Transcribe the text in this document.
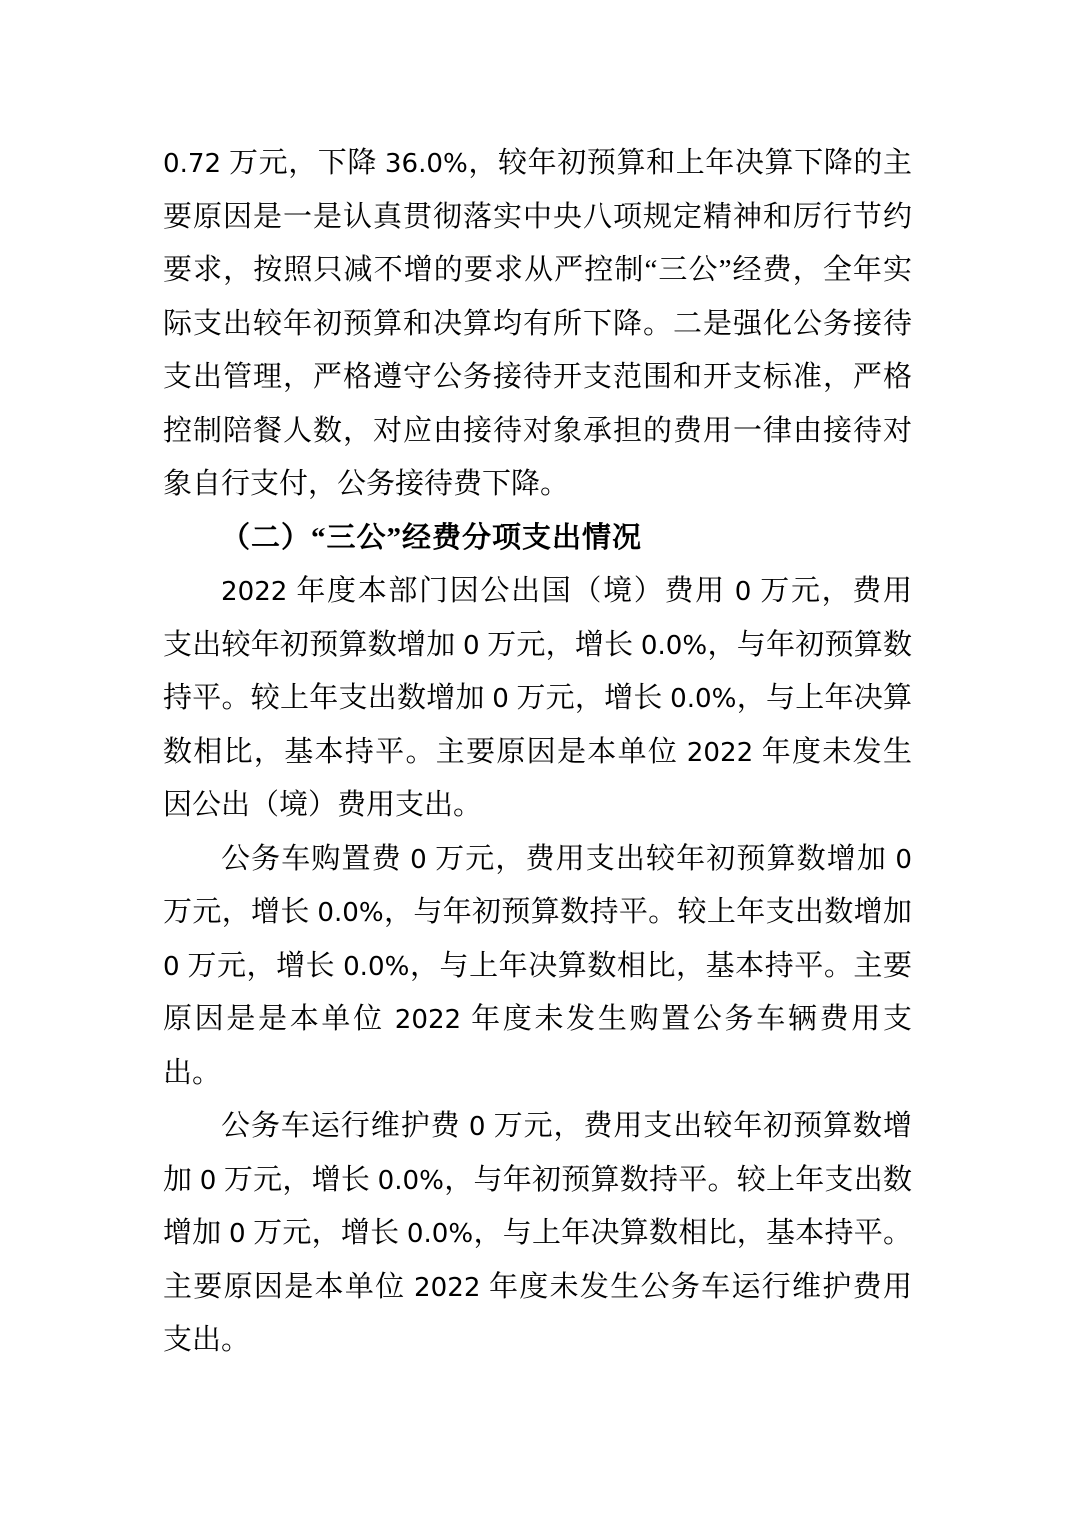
0.72 万元，下降 36.0%，较年初预算和上年决算下降的主
要原因是一是认真贯彻落实中央八项规定精神和厉行节约
要求，按照只减不增的要求从严控制“三公”经费，全年实
际支出较年初预算和决算均有所下降。二是强化公务接待
支出管理，严格遵守公务接待开支范围和开支标准，严格
控制陪餐人数，对应由接待对象承担的费用一律由接待对
象自行支付，公务接待费下降。
（二）“三公”经费分项支出情况
2022 年度本部门因公出国（境）费用 0 万元，费用
支出较年初预算数增加 0 万元，增长 0.0%，与年初预算数
持平。较上年支出数增加 0 万元，增长 0.0%，与上年决算
数相比，基本持平。主要原因是本单位 2022 年度未发生
因公出（境）费用支出。
公务车购置费 0 万元，费用支出较年初预算数增加 0
万元，增长 0.0%，与年初预算数持平。较上年支出数增加
0 万元，增长 0.0%，与上年决算数相比，基本持平。主要
原因是是本单位 2022 年度未发生购置公务车辆费用支
出。
公务车运行维护费 0 万元，费用支出较年初预算数增
加 0 万元，增长 0.0%，与年初预算数持平。较上年支出数
增加 0 万元，增长 0.0%，与上年决算数相比，基本持平。
主要原因是本单位 2022 年度未发生公务车运行维护费用
支出。
